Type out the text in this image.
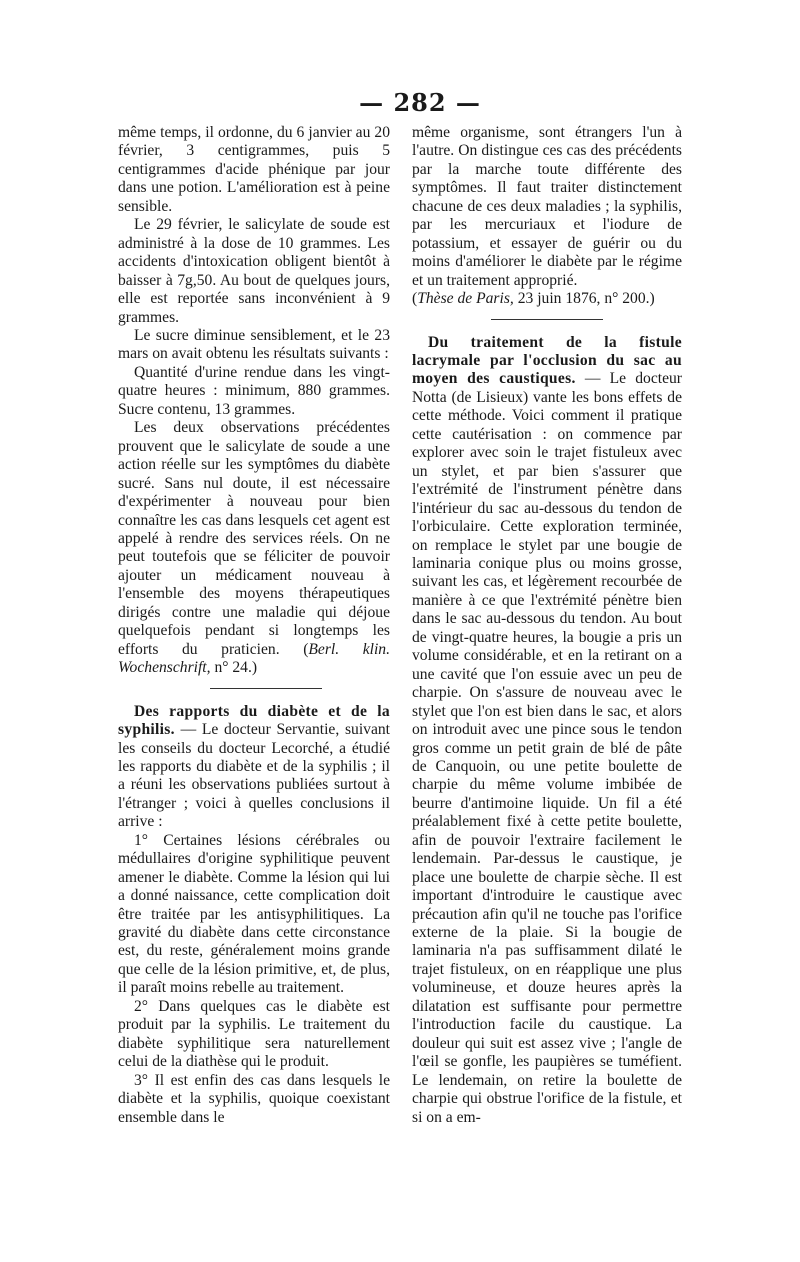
— 282 —

même temps, il ordonne, du 6 janvier au 20 février, 3 centigrammes, puis 5 centigrammes d'acide phénique par jour dans une potion. L'amélioration est à peine sensible.

Le 29 février, le salicylate de soude est administré à la dose de 10 grammes. Les accidents d'intoxication obligent bientôt à baisser à 7g,50. Au bout de quelques jours, elle est reportée sans inconvénient à 9 grammes.

Le sucre diminue sensiblement, et le 23 mars on avait obtenu les résultats suivants :

Quantité d'urine rendue dans les vingt-quatre heures : minimum, 880 grammes. Sucre contenu, 13 grammes.

Les deux observations précédentes prouvent que le salicylate de soude a une action réelle sur les symptômes du diabète sucré. Sans nul doute, il est nécessaire d'expérimenter à nouveau pour bien connaître les cas dans lesquels cet agent est appelé à rendre des services réels. On ne peut toutefois que se féliciter de pouvoir ajouter un médicament nouveau à l'ensemble des moyens thérapeutiques dirigés contre une maladie qui déjoue quelquefois pendant si longtemps les efforts du praticien. (Berl. klin. Wochenschrift, n° 24.)

Des rapports du diabète et de la syphilis. — Le docteur Servantie, suivant les conseils du docteur Lecorché, a étudié les rapports du diabète et de la syphilis ; il a réuni les observations publiées surtout à l'étranger ; voici à quelles conclusions il arrive :

1° Certaines lésions cérébrales ou médullaires d'origine syphilitique peuvent amener le diabète. Comme la lésion qui lui a donné naissance, cette complication doit être traitée par les antisyphilitiques. La gravité du diabète dans cette circonstance est, du reste, généralement moins grande que celle de la lésion primitive, et, de plus, il paraît moins rebelle au traitement.

2° Dans quelques cas le diabète est produit par la syphilis. Le traitement du diabète syphilitique sera naturellement celui de la diathèse qui le produit.

3° Il est enfin des cas dans lesquels le diabète et la syphilis, quoique coexistant ensemble dans le

même organisme, sont étrangers l'un à l'autre. On distingue ces cas des précédents par la marche toute différente des symptômes. Il faut traiter distinctement chacune de ces deux maladies ; la syphilis, par les mercuriaux et l'iodure de potassium, et essayer de guérir ou du moins d'améliorer le diabète par le régime et un traitement approprié.

(Thèse de Paris, 23 juin 1876, n° 200.)

Du traitement de la fistule lacrymale par l'occlusion du sac au moyen des caustiques. — Le docteur Notta (de Lisieux) vante les bons effets de cette méthode. Voici comment il pratique cette cautérisation : on commence par explorer avec soin le trajet fistuleux avec un stylet, et par bien s'assurer que l'extrémité de l'instrument pénètre dans l'intérieur du sac au-dessous du tendon de l'orbiculaire. Cette exploration terminée, on remplace le stylet par une bougie de laminaria conique plus ou moins grosse, suivant les cas, et légèrement recourbée de manière à ce que l'extrémité pénètre bien dans le sac au-dessous du tendon. Au bout de vingt-quatre heures, la bougie a pris un volume considérable, et en la retirant on a une cavité que l'on essuie avec un peu de charpie. On s'assure de nouveau avec le stylet que l'on est bien dans le sac, et alors on introduit avec une pince sous le tendon gros comme un petit grain de blé de pâte de Canquoin, ou une petite boulette de charpie du même volume imbibée de beurre d'antimoine liquide. Un fil a été préalablement fixé à cette petite boulette, afin de pouvoir l'extraire facilement le lendemain. Par-dessus le caustique, je place une boulette de charpie sèche. Il est important d'introduire le caustique avec précaution afin qu'il ne touche pas l'orifice externe de la plaie. Si la bougie de laminaria n'a pas suffisamment dilaté le trajet fistuleux, on en réapplique une plus volumineuse, et douze heures après la dilatation est suffisante pour permettre l'introduction facile du caustique. La douleur qui suit est assez vive ; l'angle de l'œil se gonfle, les paupières se tuméfient. Le lendemain, on retire la boulette de charpie qui obstrue l'orifice de la fistule, et si on a em-
